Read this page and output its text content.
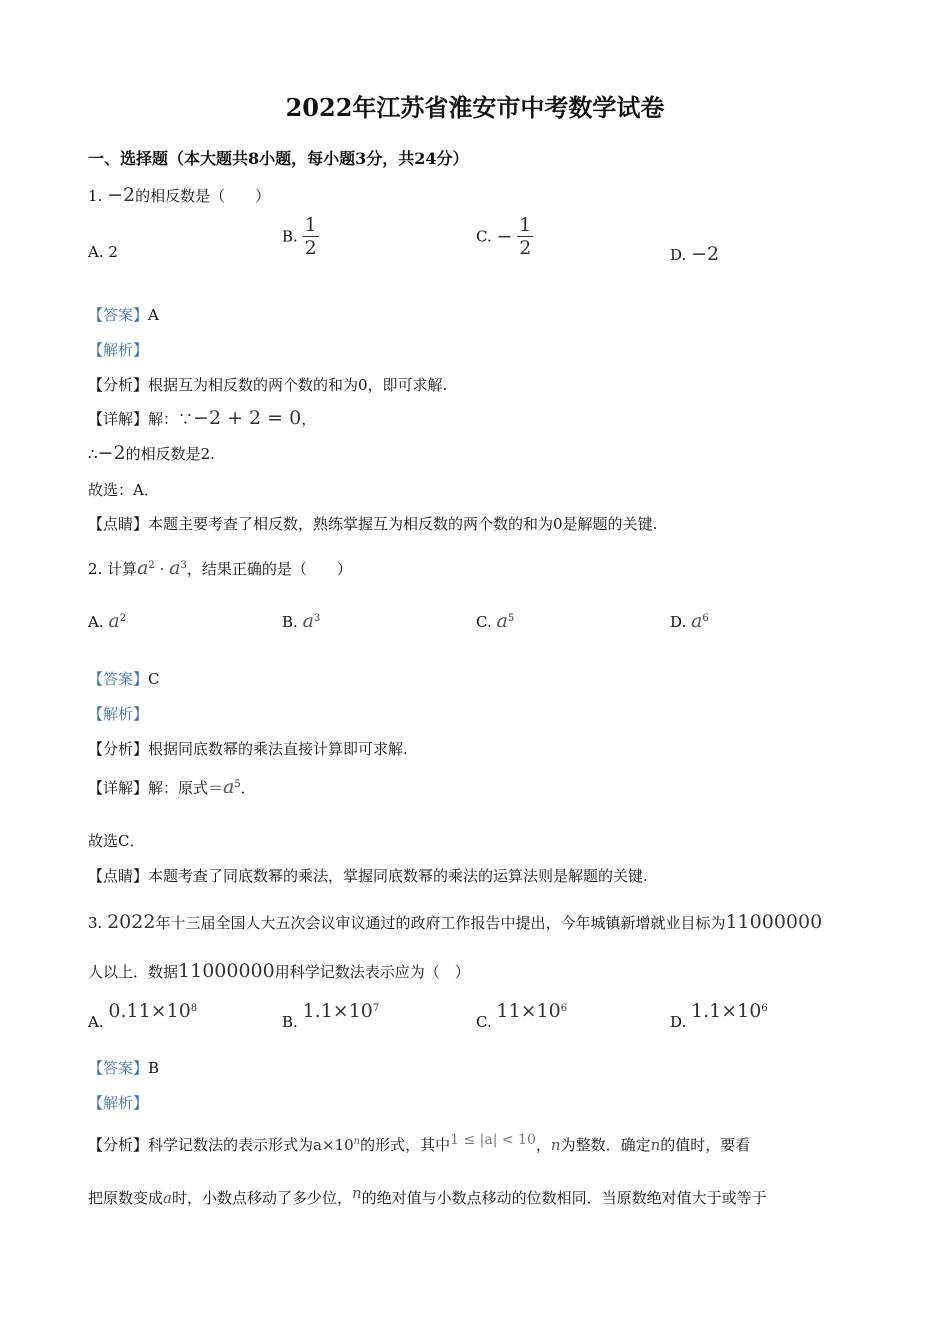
2022年江苏省淮安市中考数学试卷
一、选择题（本大题共8小题，每小题3分，共24分）
1. −2的相反数是（　　）
A. 2
B. $\frac{1}{2}$	C. − $\frac{1}{2}$	D. −2
【答案】A
【解析】
【分析】根据互为相反数的两个数的和为0，即可求解.
【详解】解：∵−2 + 2 = 0，
∴−2的相反数是2.
故选：A．
【点睛】本题主要考查了相反数，熟练掌握互为相反数的两个数的和为0是解题的关键.
2. 计算$a^2 \cdot a^3$，结果正确的是（　　）
A. $a^2$	B. $a^3$	C. $a^5$	D. $a^6$
【答案】C
【解析】
【分析】根据同底数幂的乘法直接计算即可求解.
【详解】解：原式$=a^5$．
故选C．
【点睛】本题考查了同底数幂的乘法，掌握同底数幂的乘法的运算法则是解题的关键.
3. 2022年十三届全国人大五次会议审议通过的政府工作报告中提出，今年城镇新增就业目标为11000000
人以上．数据11000000用科学记数法表示应为（　）
A. $0.11\times 10^8$
B. $1.1\times 10^7$
C. $11\times 10^6$
D. $1.1\times 10^6$
【答案】B
【解析】
【分析】科学记数法的表示形式为$a\times 10^n$的形式，其中1 ≤ |a| < 10，n为整数．确定n的值时，要看
把原数变成a时，小数点移动了多少位，n的绝对值与小数点移动的位数相同．当原数绝对值大于或等于
